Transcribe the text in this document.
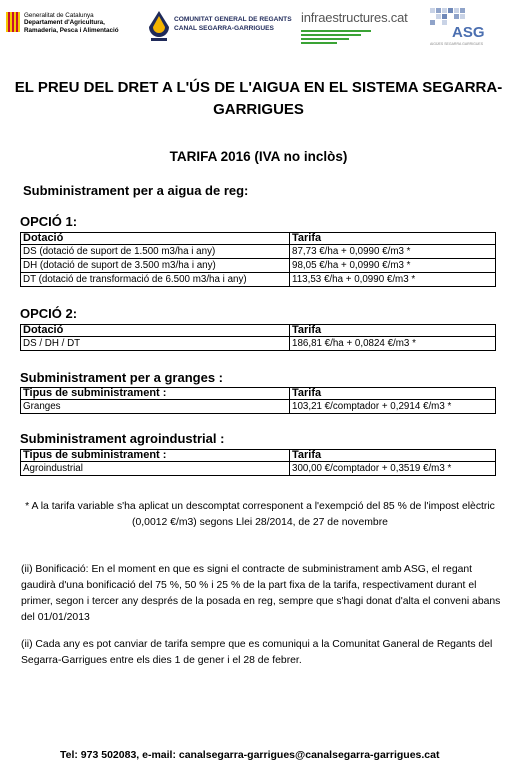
Generalitat de Catalunya
Departament d'Agricultura,
Ramaderia, Pesca i Alimentació
COMUNITAT GENERAL DE REGANTS
CANAL SEGARRA-GARRIGUES
infraestructures.cat
ASG
AIGÜES SEGARRA GARRIGUES
EL PREU DEL DRET A L'ÚS DE L'AIGUA EN EL SISTEMA SEGARRA-GARRIGUES
TARIFA 2016 (IVA no inclòs)
Subministrament per a aigua de reg:
OPCIÓ 1:
Dotació	Tarifa
DS (dotació de suport de 1.500 m3/ha i any)	87,73 €/ha + 0,0990 €/m3 *
DH (dotació de suport de 3.500 m3/ha i any)	98,05 €/ha + 0,0990 €/m3 *
DT (dotació de transformació de 6.500 m3/ha i any)	113,53 €/ha + 0,0990 €/m3 *
OPCIÓ 2:
Dotació	Tarifa
DS / DH / DT	186,81 €/ha + 0,0824 €/m3 *
Subministrament per a granges :
Tipus de subministrament :	Tarifa
Granges	103,21 €/comptador + 0,2914 €/m3 *
Subministrament agroindustrial :
Tipus de subministrament :	Tarifa
Agroindustrial	300,00 €/comptador + 0,3519 €/m3 *
* A la tarifa variable s'ha aplicat un descomptat corresponent a l'exempció del 85 % de l'impost elèctric
(0,0012 €/m3) segons Llei 28/2014, de 27 de novembre
(ii) Bonificació: En el moment en que es signi el contracte de subministrament amb ASG, el regant
gaudirà d'una bonificació del 75 %, 50 % i 25 % de la part fixa de la tarifa, respectivament durant el
primer, segon i tercer any després de la posada en reg, sempre que s'hagi donat d'alta el conveni abans
del 01/01/2013
(ii) Cada any es pot canviar de tarifa sempre que es comuniqui a la Comunitat Ganeral de Regants del
Segarra-Garrigues entre els dies 1 de gener i el 28 de febrer.
Tel: 973 502083, e-mail: canalsegarra-garrigues@canalsegarra-garrigues.cat
